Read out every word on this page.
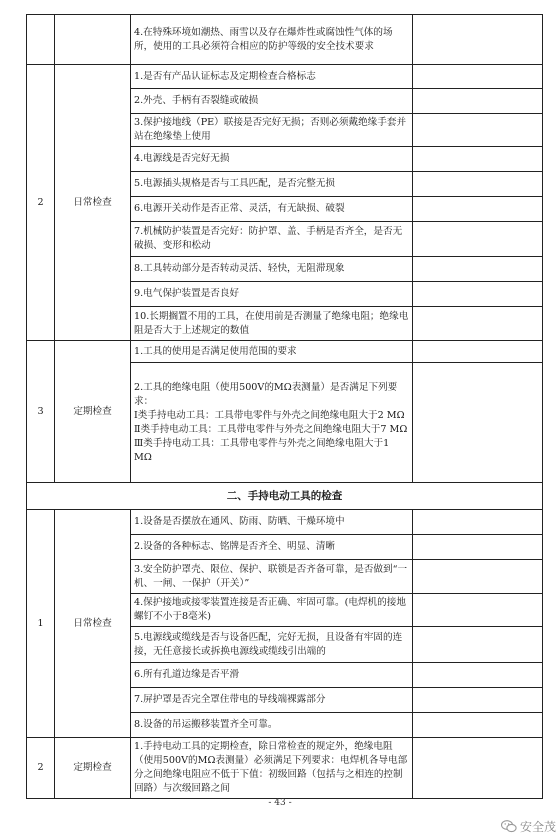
		4.在特殊环境如潮热、雨雪以及存在爆炸性或腐蚀性气体的场所，使用的工具必须符合相应的防护等级的安全技术要求	
2	日常检查	1.是否有产品认证标志及定期检查合格标志	
		2.外壳、手柄有否裂缝或破损	
		3.保护接地线（PE）联接是否完好无损；否则必须戴绝缘手套并站在绝缘垫上使用	
		4.电源线是否完好无损	
		5.电源插头规格是否与工具匹配，是否完整无损	
		6.电源开关动作是否正常、灵活，有无缺损、破裂	
		7.机械防护装置是否完好：防护罩、盖、手柄是否齐全，是否无破损、变形和松动	
		8.工具转动部分是否转动灵活、轻快，无阻滞现象	
		9.电气保护装置是否良好	
		10.长期搁置不用的工具，在使用前是否测量了绝缘电阻；绝缘电阻是否大于上述规定的数值	
3	定期检查	1.工具的使用是否满足使用范围的要求	
		2.工具的绝缘电阻（使用500V的MΩ表测量）是否满足下列要求：
Ⅰ类手持电动工具：工具带电零件与外壳之间绝缘电阻大于2 MΩ
Ⅱ类手持电动工具：工具带电零件与外壳之间绝缘电阻大于7 MΩ
Ⅲ类手持电动工具：工具带电零件与外壳之间绝缘电阻大于1 MΩ	
二、手持电动工具的检查			
1	日常检查	1.设备是否摆放在通风、防雨、防晒、干燥环境中	
		2.设备的各种标志、铭牌是否齐全、明显、清晰	
		3.安全防护罩壳、限位、保护、联锁是否齐备可靠，是否做到“一机、一闸、一保护（开关）”	
		4.保护接地或接零装置连接是否正确、牢固可靠。(电焊机的接地螺钉不小于8毫米)	
		5.电源线或缆线是否与设备匹配，完好无损，且设备有牢固的连接，无任意接长或拆换电源线或缆线引出端的	
		6.所有孔道边缘是否平滑	
		7.屏护罩是否完全罩住带电的导线端裸露部分	
		8.设备的吊运搬移装置齐全可靠。	
2	定期检查	1.手持电动工具的定期检查，除日常检查的规定外，绝缘电阻（使用500V的MΩ表测量）必须满足下列要求：电焊机各导电部分之间绝缘电阻应不低于下值：初级回路（包括与之相连的控制回路）与次级回路之间	
- 43 -
安全茂
